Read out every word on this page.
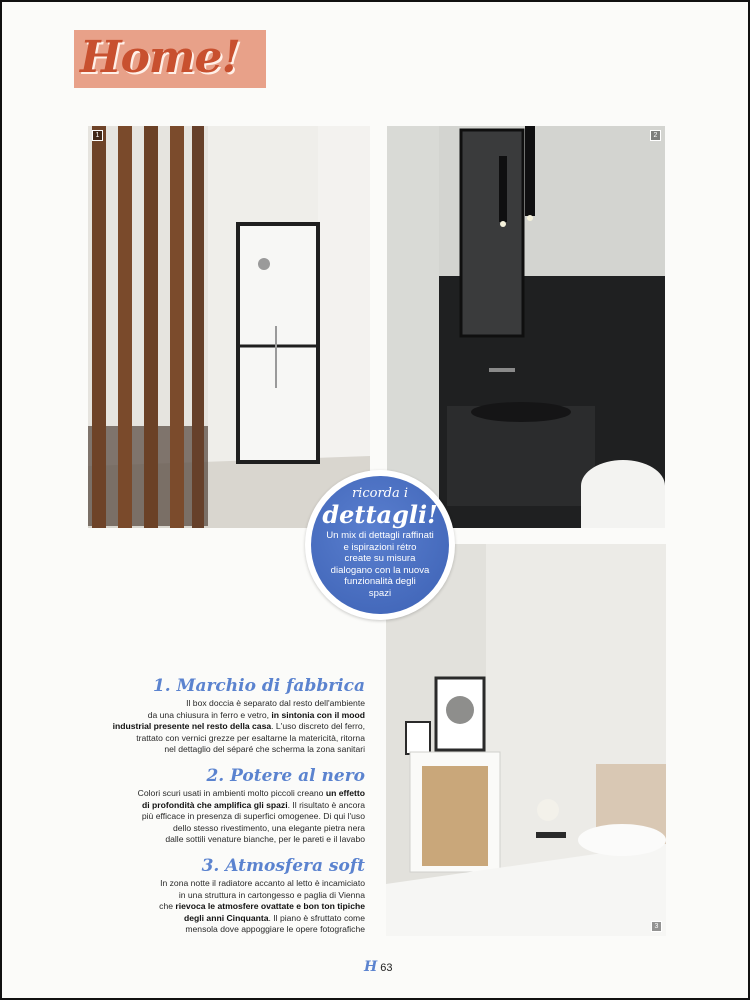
Home!
1	2
3
ricorda i
dettagli!
Un mix di dettagli raffinati
e ispirazioni rétro
create su misura
dialogano con la nuova
funzionalità degli
spazi
1. Marchio di fabbrica
Il box doccia è separato dal resto dell'ambiente
da una chiusura in ferro e vetro, in sintonia con il mood
industrial presente nel resto della casa. L'uso discreto del ferro,
trattato con vernici grezze per esaltarne la matericità, ritorna
nel dettaglio del séparé che scherma la zona sanitari
2. Potere al nero
Colori scuri usati in ambienti molto piccoli creano un effetto
di profondità che amplifica gli spazi. Il risultato è ancora
più efficace in presenza di superfici omogenee. Di qui l'uso
dello stesso rivestimento, una elegante pietra nera
dalle sottili venature bianche, per le pareti e il lavabo
3. Atmosfera soft
In zona notte il radiatore accanto al letto è incamiciato
in una struttura in cartongesso e paglia di Vienna
che rievoca le atmosfere ovattate e bon ton tipiche
degli anni Cinquanta. Il piano è sfruttato come
mensola dove appoggiare le opere fotografiche
H 63
